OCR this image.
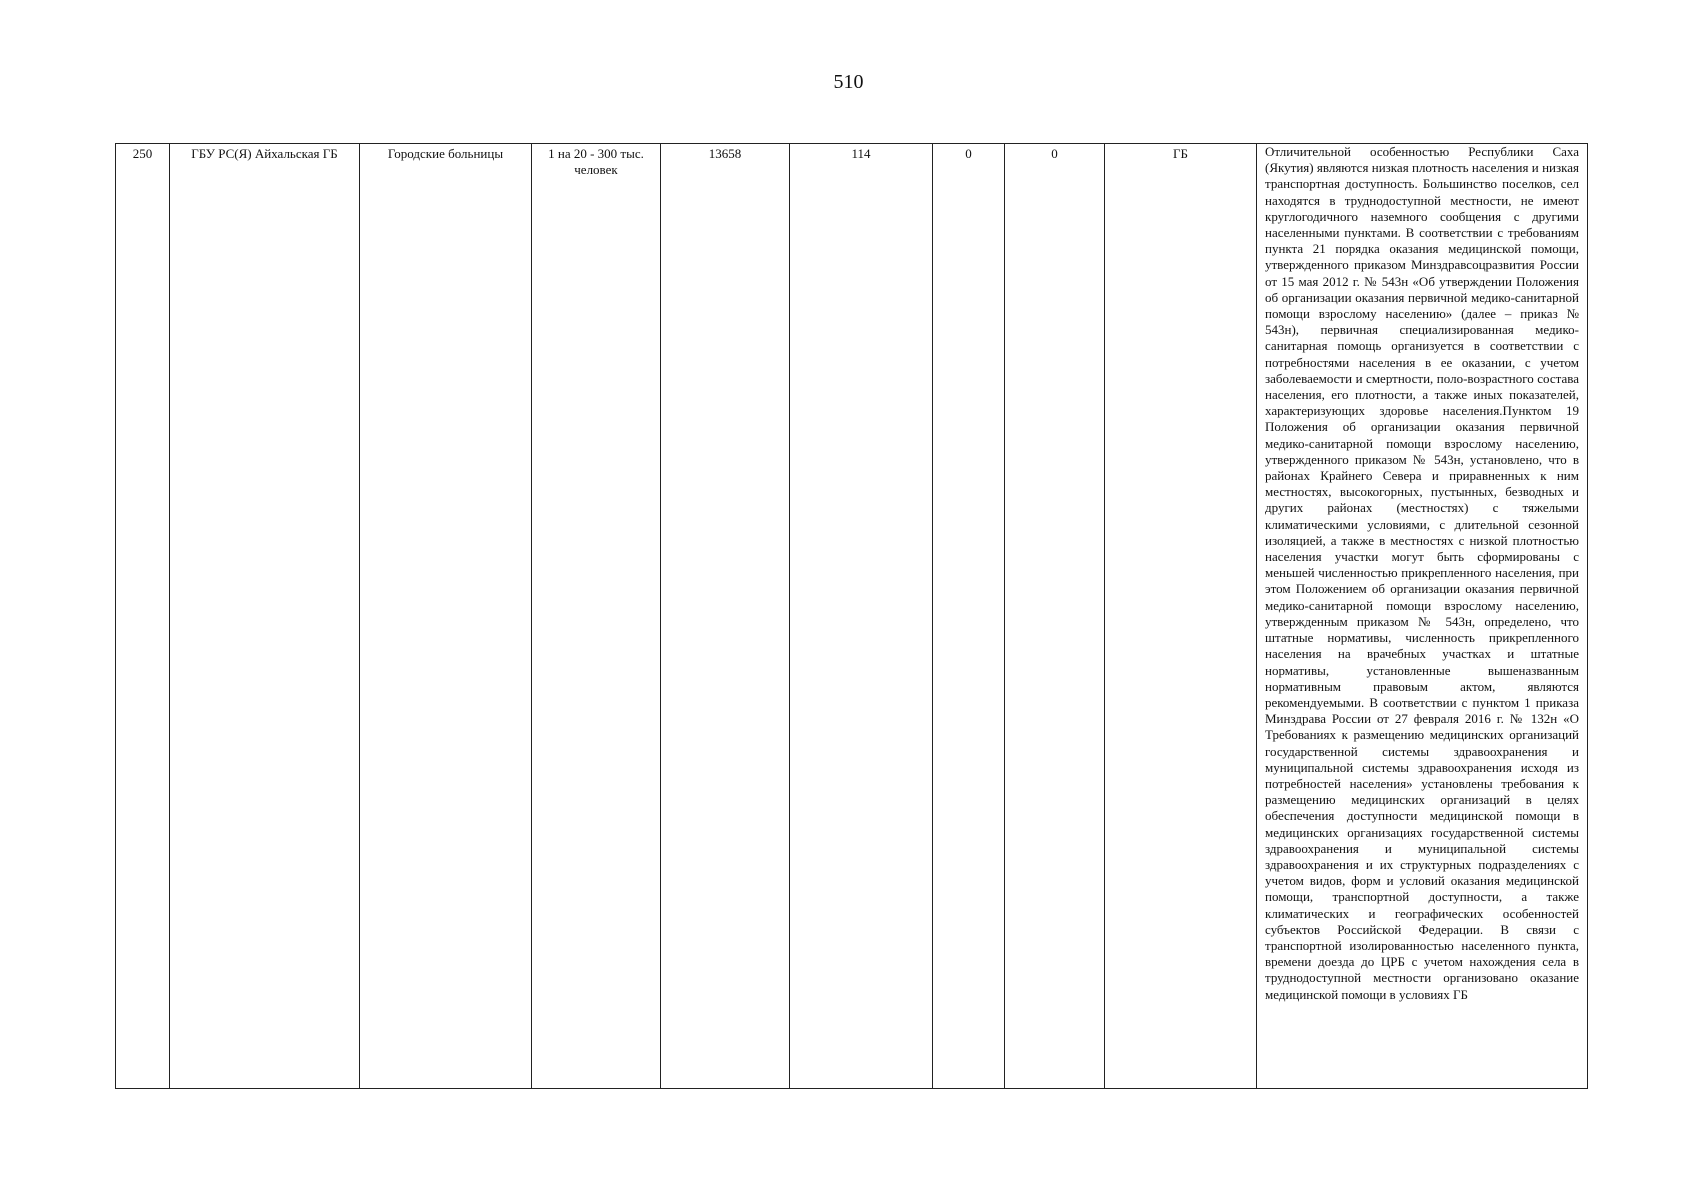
510
250	ГБУ РС(Я) Айхальская ГБ	Городские больницы	1 на 20 - 300 тыс. человек	13658	114	0	0	ГБ	Отличительной особенностью Республики Саха (Якутия) являются низкая плотность населения и низкая транспортная доступность. Большинство поселков, сел находятся в труднодоступной местности, не имеют круглогодичного наземного сообщения с другими населенными пунктами. В соответствии с требованиям пункта 21 порядка оказания медицинской помощи, утвержденного приказом Минздравсоцразвития России от 15 мая 2012 г. № 543н «Об утверждении Положения об организации оказания первичной медико-санитарной помощи взрослому населению» (далее – приказ № 543н), первичная специализированная медико-санитарная помощь организуется в соответствии с потребностями населения в ее оказании, с учетом заболеваемости и смертности, поло-возрастного состава населения, его плотности, а также иных показателей, характеризующих здоровье населения.Пунктом 19 Положения об организации оказания первичной медико-санитарной помощи взрослому населению, утвержденного приказом № 543н, установлено, что в районах Крайнего Севера и приравненных к ним местностях, высокогорных, пустынных, безводных и других районах (местностях) с тяжелыми климатическими условиями, с длительной сезонной изоляцией, а также в местностях с низкой плотностью населения участки могут быть сформированы с меньшей численностью прикрепленного населения, при этом Положением об организации оказания первичной медико-санитарной помощи взрослому населению, утвержденным приказом № 543н, определено, что штатные нормативы, численность прикрепленного населения на врачебных участках и штатные нормативы, установленные вышеназванным нормативным правовым актом, являются рекомендуемыми. В соответствии с пунктом 1 приказа Минздрава России от 27 февраля 2016 г. № 132н «О Требованиях к размещению медицинских организаций государственной системы здравоохранения и муниципальной системы здравоохранения исходя из потребностей населения» установлены требования к размещению медицинских организаций в целях обеспечения доступности медицинской помощи в медицинских организациях государственной системы здравоохранения и муниципальной системы здравоохранения и их структурных подразделениях с учетом видов, форм и условий оказания медицинской помощи, транспортной доступности, а также климатических и географических особенностей субъектов Российской Федерации. В связи с транспортной изолированностью населенного пункта, времени доезда до ЦРБ с учетом нахождения села в труднодоступной местности организовано оказание медицинской помощи в условиях ГБ
